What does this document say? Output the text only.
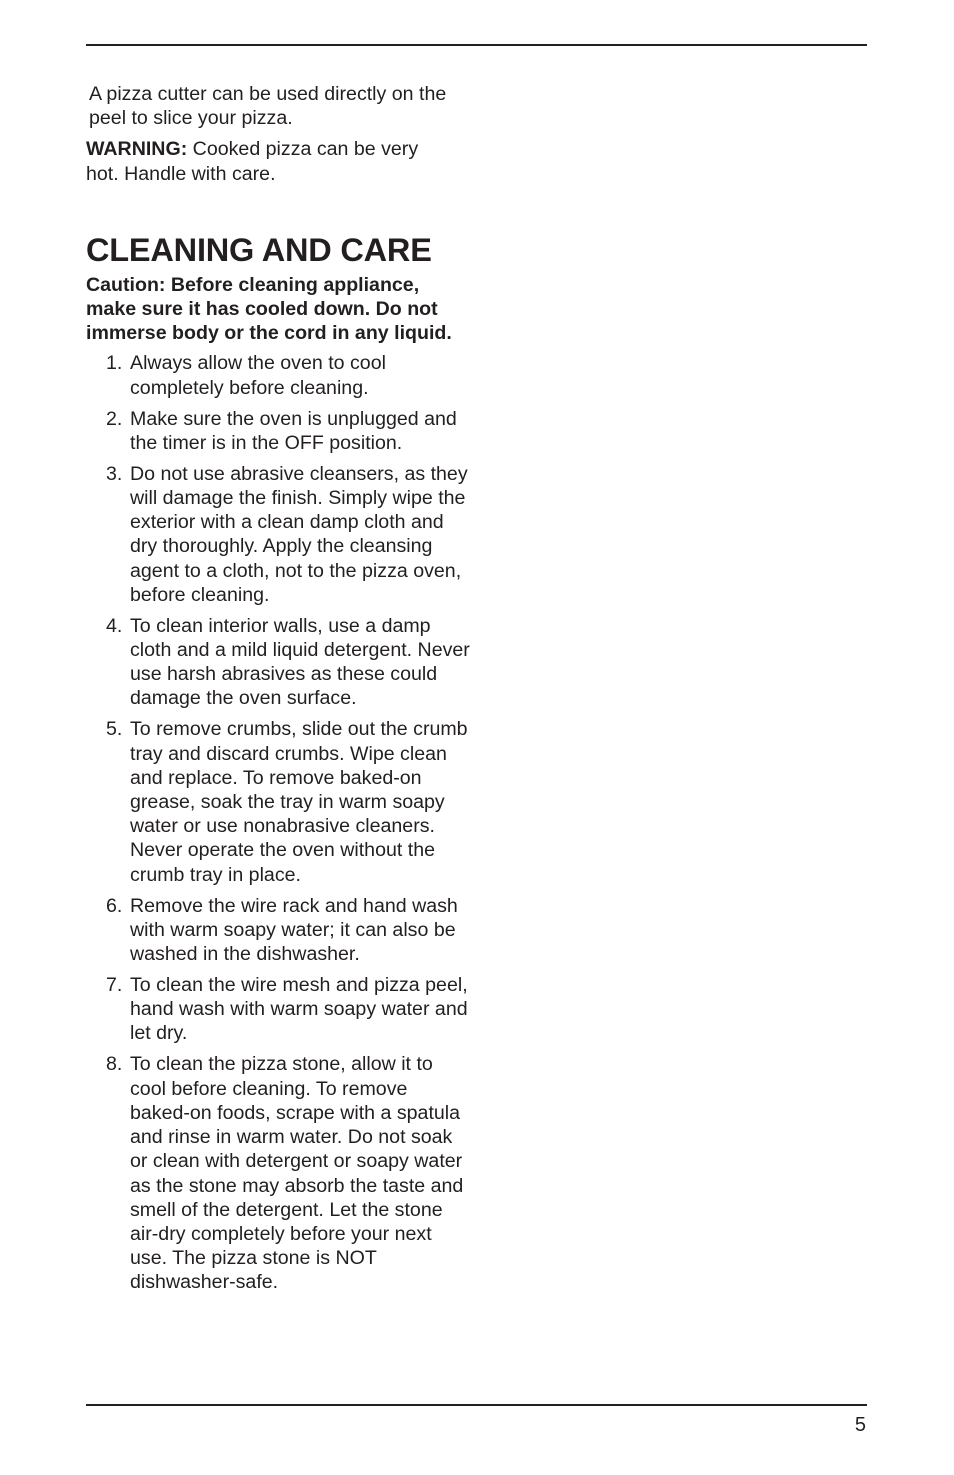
A pizza cutter can be used directly on the peel to slice your pizza.

WARNING: Cooked pizza can be very hot. Handle with care.

CLEANING AND CARE

Caution: Before cleaning appliance, make sure it has cooled down. Do not immerse body or the cord in any liquid.

1. Always allow the oven to cool completely before cleaning.
2. Make sure the oven is unplugged and the timer is in the OFF position.
3. Do not use abrasive cleansers, as they will damage the finish. Simply wipe the exterior with a clean damp cloth and dry thoroughly. Apply the cleansing agent to a cloth, not to the pizza oven, before cleaning.
4. To clean interior walls, use a damp cloth and a mild liquid detergent. Never use harsh abrasives as these could damage the oven surface.
5. To remove crumbs, slide out the crumb tray and discard crumbs. Wipe clean and replace. To remove baked-on grease, soak the tray in warm soapy water or use nonabrasive cleaners. Never operate the oven without the crumb tray in place.
6. Remove the wire rack and hand wash with warm soapy water; it can also be washed in the dishwasher.
7. To clean the wire mesh and pizza peel, hand wash with warm soapy water and let dry.
8. To clean the pizza stone, allow it to cool before cleaning. To remove baked-on foods, scrape with a spatula and rinse in warm water. Do not soak or clean with detergent or soapy water as the stone may absorb the taste and smell of the detergent. Let the stone air-dry completely before your next use. The pizza stone is NOT dishwasher-safe.
5
